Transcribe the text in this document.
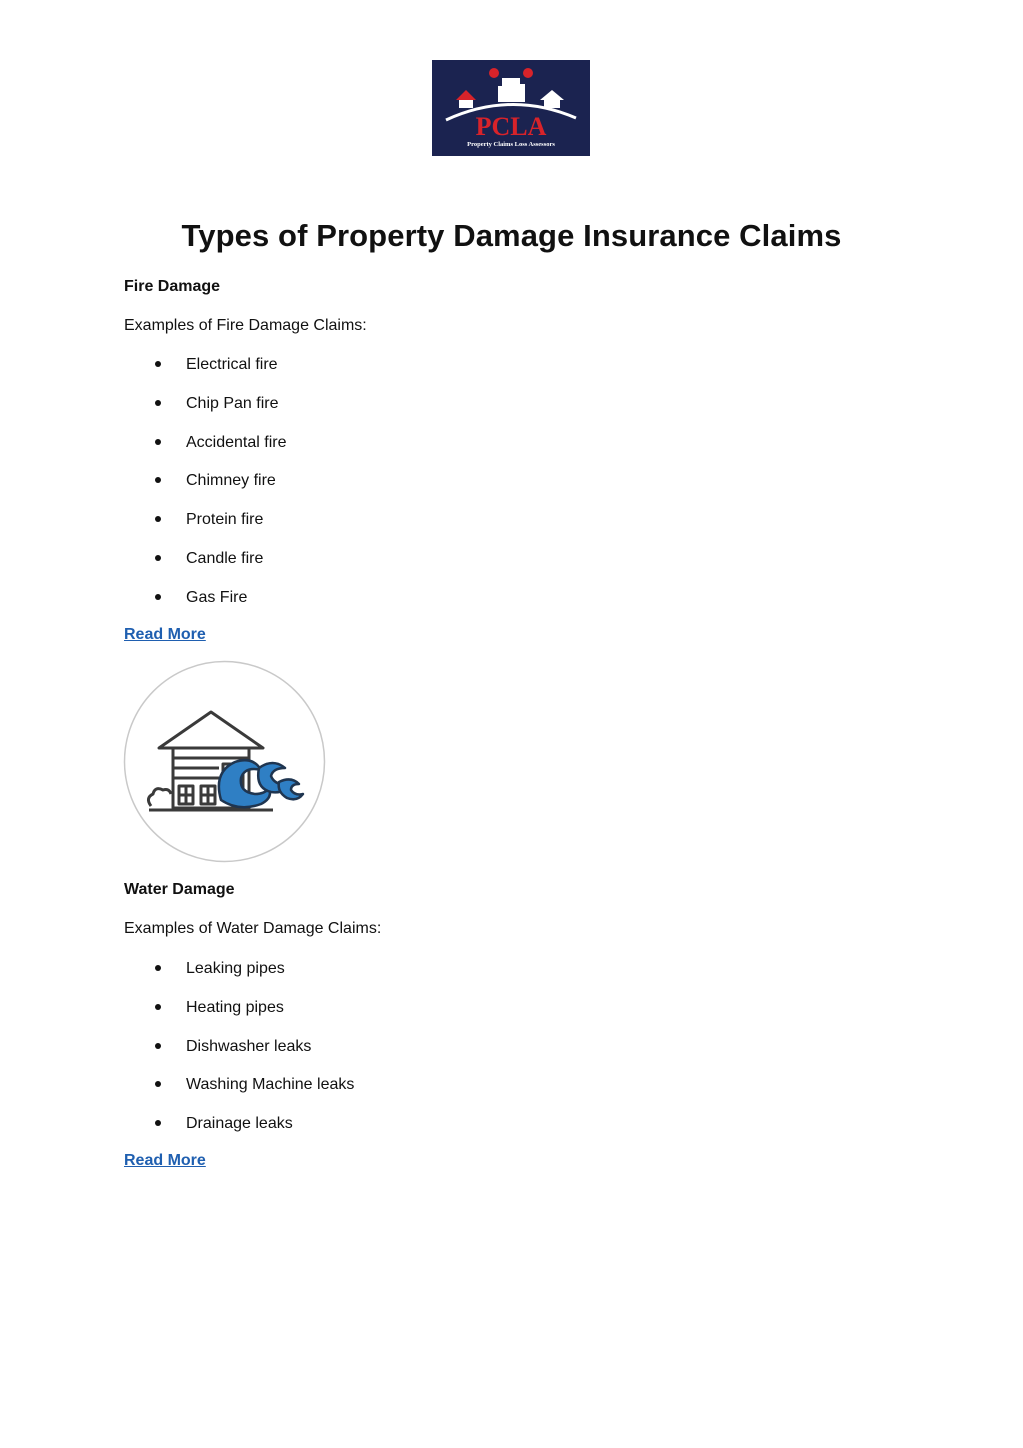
PCLA
Property Claims Loss Assessors
Types of Property Damage Insurance Claims

Fire Damage

Examples of Fire Damage Claims:

Electrical fire
Chip Pan fire
Accidental fire
Chimney fire
Protein fire
Candle fire
Gas Fire
Read More

Water Damage

Examples of Water Damage Claims:

Leaking pipes
Heating pipes
Dishwasher leaks
Washing Machine leaks
Drainage leaks
Read More
